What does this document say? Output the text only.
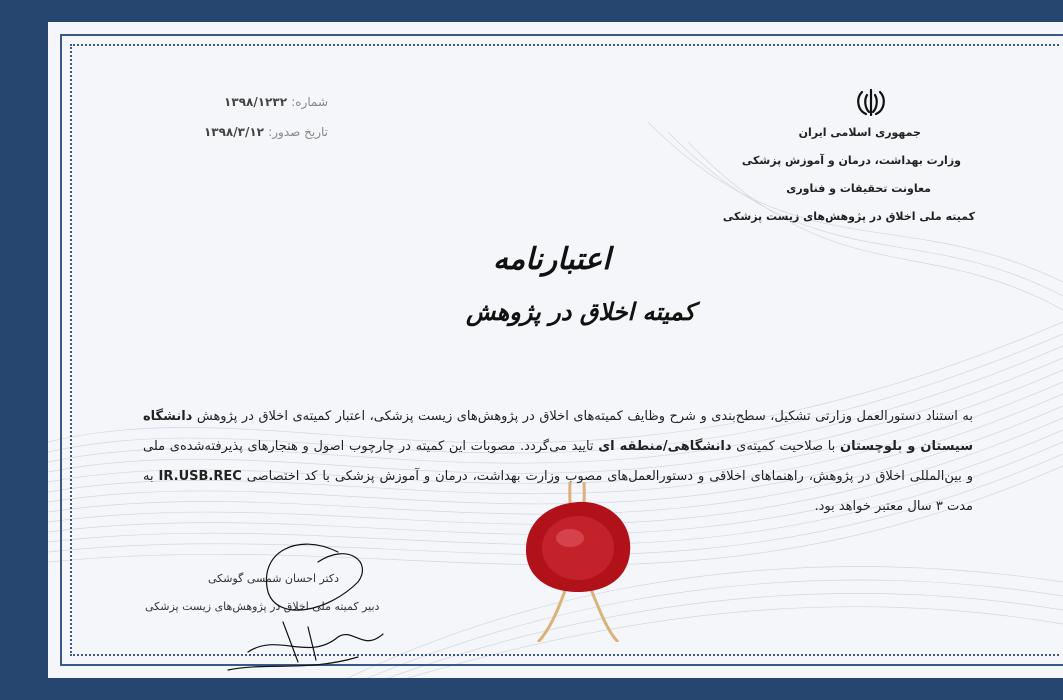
شماره: ۱۳۹۸/۱۲۳۲
تاریخ صدور: ۱۳۹۸/۳/۱۲	جمهوری اسلامی ایران
وزارت بهداشت، درمان و آموزش پزشکی
معاونت تحقیقات و فناوری
کمیته ملی اخلاق در پژوهش‌های زیست پزشکی
اعتبارنامه
کمیته اخلاق در پژوهش
به استناد دستورالعمل وزارتی تشکیل، سطح‌بندی و شرح وظایف کمیته‌های اخلاق در پژوهش‌های زیست پزشکی، اعتبار کمیته‌ی اخلاق در پژوهش دانشگاه سیستان و بلوچستان با صلاحیت کمیته‌ی دانشگاهی/منطقه ای تایید می‌گردد. مصوبات این کمیته در چارچوب اصول و هنجارهای پذیرفته‌شده‌ی ملی و بین‌المللی اخلاق در پژوهش، راهنماهای اخلاقی و دستورالعمل‌های مصوب وزارت بهداشت، درمان و آموزش پزشکی با کد اختصاصی IR.USB.REC به مدت ۳ سال معتبر خواهد بود.
دکتر احسان شمسی گوشکی
دبیر کمیته ملی اخلاق در پژوهش‌های زیست پزشکی
